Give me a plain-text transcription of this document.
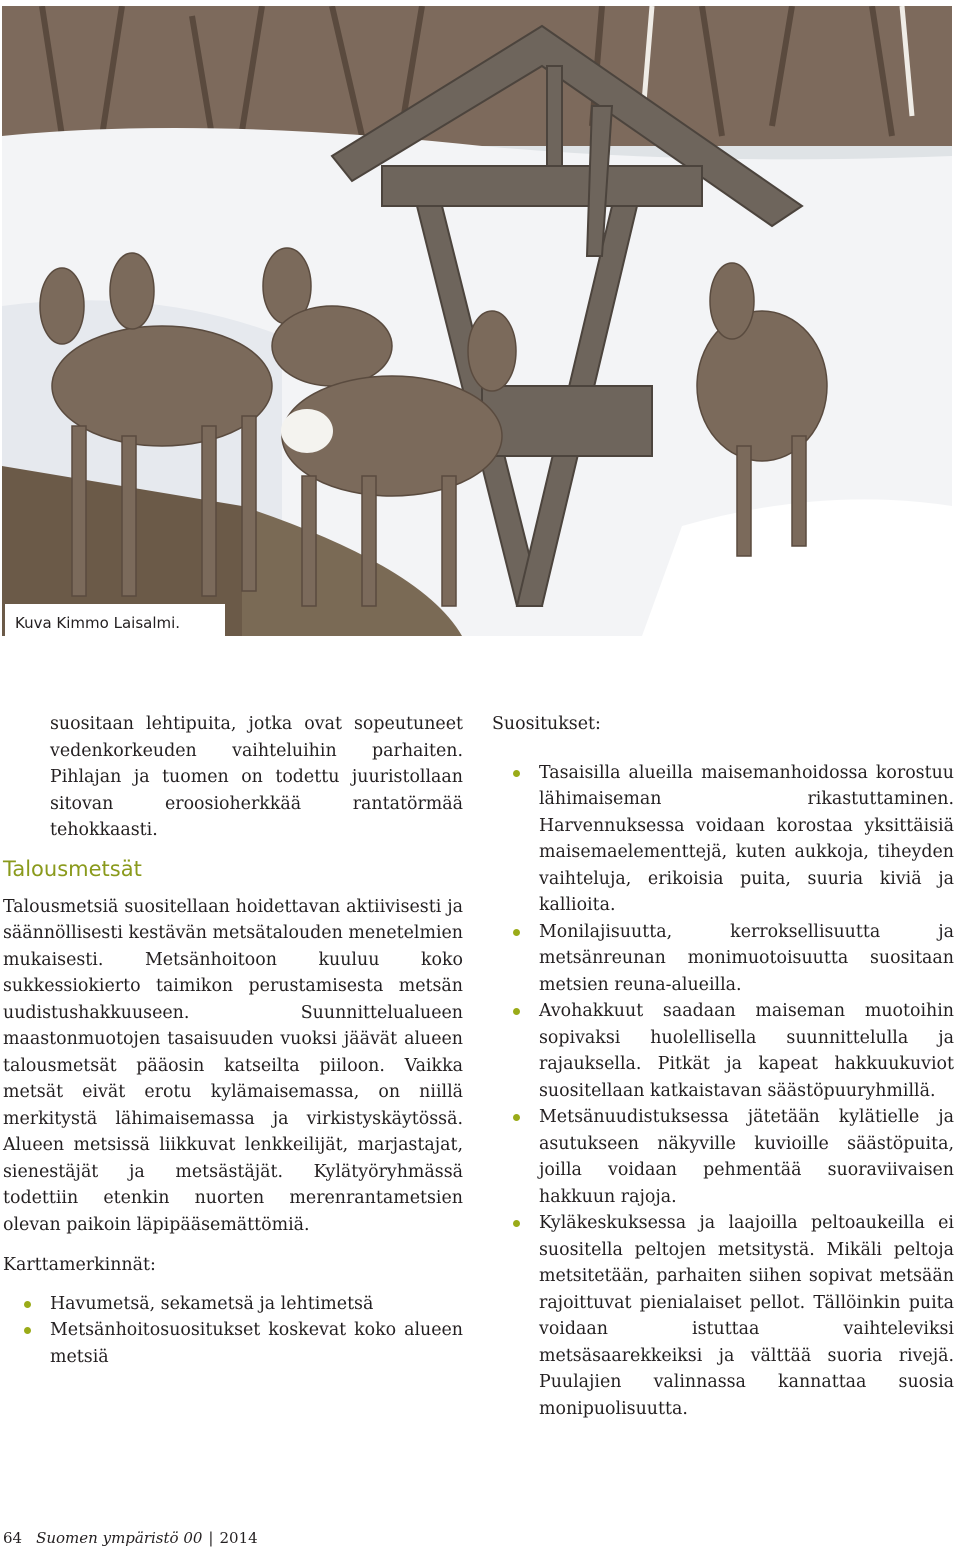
Kuva Kimmo Laisalmi.

suositaan lehtipuita, jotka ovat sopeutuneet vedenkorkeuden vaihteluihin parhaiten. Pihlajan ja tuomen on todettu juuristollaan sitovan eroosioherkkää rantatörmää tehokkaasti.

Talousmetsät

Talousmetsiä suositellaan hoidettavan aktiivisesti ja säännöllisesti kestävän metsätalouden menetelmien mukaisesti. Metsänhoitoon kuuluu koko sukkessiokierto taimikon perustamisesta metsän uudistushakkuuseen. Suunnittelualueen maastonmuotojen tasaisuuden vuoksi jäävät alueen talousmetsät pääosin katseilta piiloon. Vaikka metsät eivät erotu kylämaisemassa, on niillä merkitystä lähimaisemassa ja virkistyskäytössä. Alueen metsissä liikkuvat lenkkeilijät, marjastajat, sienestäjät ja metsästäjät. Kylätyöryhmässä todettiin etenkin nuorten merenrantametsien olevan paikoin läpipääsemättömiä.

Karttamerkinnät:

Havumetsä, sekametsä ja lehtimetsä
Metsänhoitosuositukset koskevat koko alueen metsiä

Suositukset:

Tasaisilla alueilla maisemanhoidossa korostuu lähimaiseman rikastuttaminen. Harvennuksessa voidaan korostaa yksittäisiä maisemaelementtejä, kuten aukkoja, tiheyden vaihteluja, erikoisia puita, suuria kiviä ja kallioita.
Monilajisuutta, kerroksellisuutta ja metsänreunan monimuotoisuutta suositaan metsien reuna-alueilla.
Avohakkuut saadaan maiseman muotoihin sopivaksi huolellisella suunnittelulla ja rajauksella. Pitkät ja kapeat hakkuukuviot suositellaan katkaistavan säästöpuuryhmillä.
Metsänuudistuksessa jätetään kylätielle ja asutukseen näkyville kuvioille säästöpuita, joilla voidaan pehmentää suoraviivaisen hakkuun rajoja.
Kyläkeskuksessa ja laajoilla peltoaukeilla ei suositella peltojen metsitystä. Mikäli peltoja metsitetään, parhaiten siihen sopivat metsään rajoittuvat pienialaiset pellot. Tällöinkin puita voidaan istuttaa vaihteleviksi metsäsaarekkeiksi ja välttää suoria rivejä. Puulajien valinnassa kannattaa suosia monipuolisuutta.
64 Suomen ympäristö 00 | 2014
